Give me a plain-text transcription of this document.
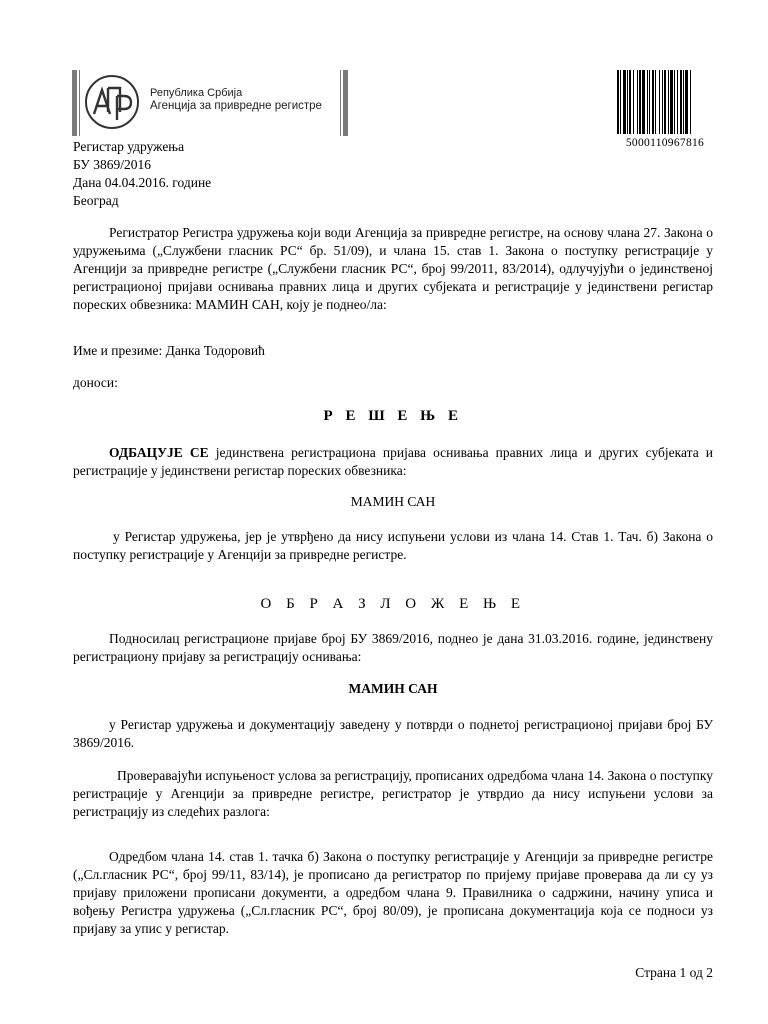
Република Србија
Агенција за привредне регистре
5000110967816
Регистар удружења
БУ 3869/2016
Дана 04.04.2016. године
Београд
Регистратор Регистра удружења који води Агенција за привредне регистре, на основу члана 27. Закона о удружењима („Службени гласник РС“ бр. 51/09), и члана 15. став 1. Закона о поступку регистрације у Агенцији за привредне регистре („Службени гласник РС“, број 99/2011, 83/2014), одлучујући о јединственој регистрационој пријави оснивања правних лица и других субјеката и регистрације у јединствени регистар пореских обвезника: МАМИН САН, коју је поднео/ла:
Име и презиме: Данка Тодоровић
доноси:
Р Е Ш Е Њ Е
ОДБАЦУЈЕ СЕ јединствена регистрациона пријава оснивања правних лица и других субјеката и регистрације у јединствени регистар пореских обвезника:
МАМИН САН
у Регистар удружења, јер је утврђено да нису испуњени услови из члана 14. Став 1. Тач. б) Закона о поступку регистрације у Агенцији за привредне регистре.
О Б Р А З Л О Ж Е Њ Е
Подносилац регистрационе пријаве број БУ 3869/2016, поднео је дана 31.03.2016. године, јединствену регистрациону пријаву за регистрацију оснивања:
МАМИН САН
у Регистар удружења и документацију заведену у потврди о поднетој регистрационој пријави број БУ 3869/2016.
Проверавајући испуњеност услова за регистрацију, прописаних одредбома члана 14. Закона о поступку регистрације у Агенцији за привредне регистре, регистратор је утврдио да нису испуњени услови за регистрацију из следећих разлога:
Одредбом члана 14. став 1. тачка б) Закона о поступку регистрације у Агенцији за привредне регистре („Сл.гласник РС“, број 99/11, 83/14), је прописано да регистратор по пријему пријаве проверава да ли су уз пријаву приложени прописани документи, а одредбом члана 9. Правилника о садржини, начину уписа и вођењу Регистра удружења („Сл.гласник РС“, број 80/09), је прописана документација која се подноси уз пријаву за упис у регистар.
Страна 1 од 2
